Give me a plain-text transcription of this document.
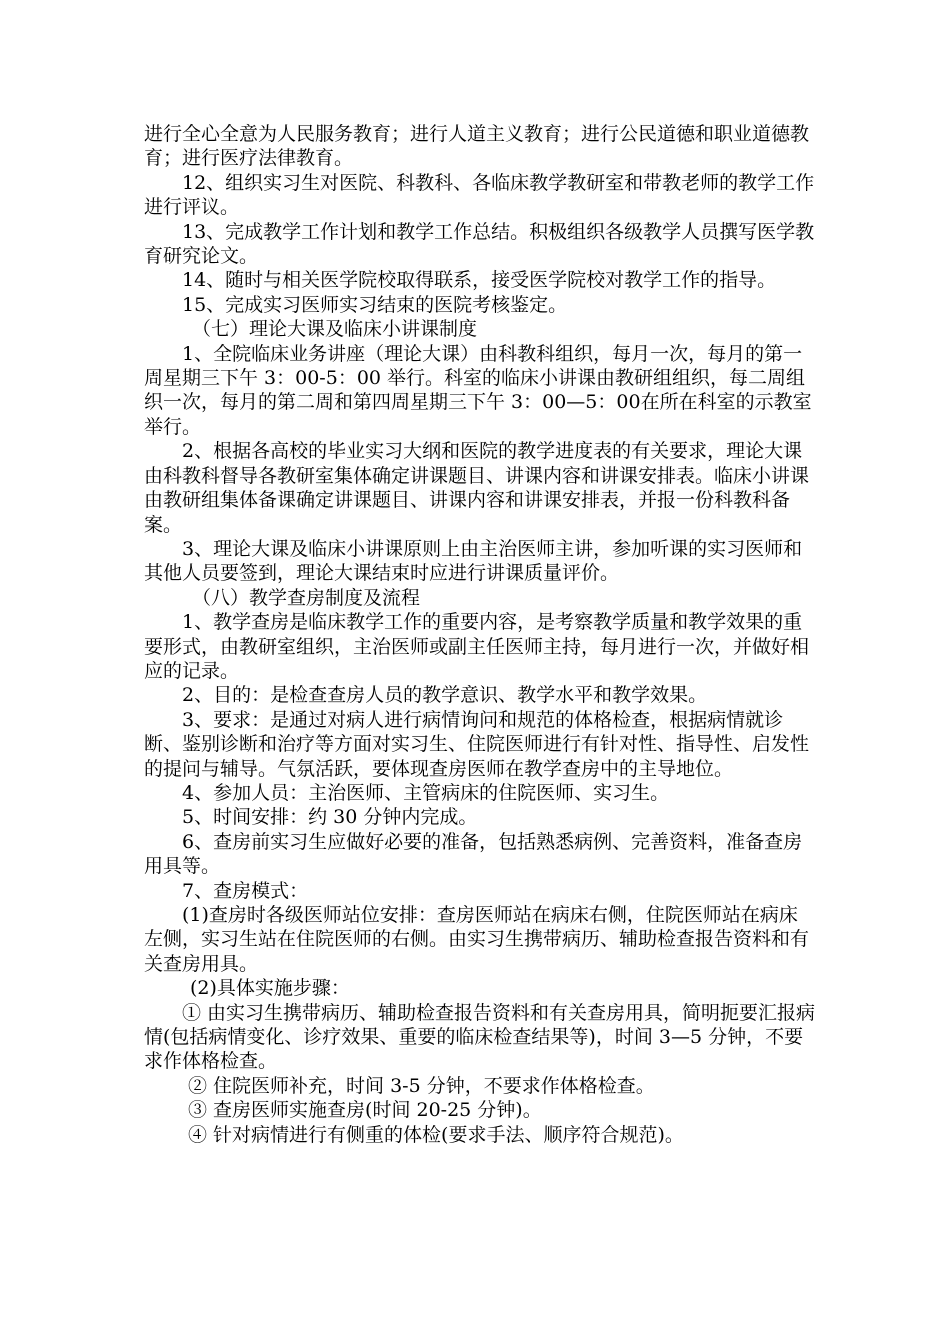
进行全心全意为人民服务教育；进行人道主义教育；进行公民道德和职业道德教育；进行医疗法律教育。

12、组织实习生对医院、科教科、各临床教学教研室和带教老师的教学工作进行评议。

13、完成教学工作计划和教学工作总结。积极组织各级教学人员撰写医学教育研究论文。

14、随时与相关医学院校取得联系，接受医学院校对教学工作的指导。

15、完成实习医师实习结束的医院考核鉴定。

（七）理论大课及临床小讲课制度

1、全院临床业务讲座（理论大课）由科教科组织，每月一次，每月的第一周星期三下午 3：00-5：00 举行。科室的临床小讲课由教研组组织，每二周组织一次，每月的第二周和第四周星期三下午 3：00—5：00在所在科室的示教室举行。

2、根据各高校的毕业实习大纲和医院的教学进度表的有关要求，理论大课由科教科督导各教研室集体确定讲课题目、讲课内容和讲课安排表。临床小讲课由教研组集体备课确定讲课题目、讲课内容和讲课安排表，并报一份科教科备案。

3、理论大课及临床小讲课原则上由主治医师主讲，参加听课的实习医师和其他人员要签到，理论大课结束时应进行讲课质量评价。

（八）教学查房制度及流程

1、教学查房是临床教学工作的重要内容，是考察教学质量和教学效果的重要形式，由教研室组织，主治医师或副主任医师主持，每月进行一次，并做好相应的记录。

2、目的：是检查查房人员的教学意识、教学水平和教学效果。

3、要求：是通过对病人进行病情询问和规范的体格检查，根据病情就诊断、鉴别诊断和治疗等方面对实习生、住院医师进行有针对性、指导性、启发性的提问与辅导。气氛活跃，要体现查房医师在教学查房中的主导地位。

4、参加人员：主治医师、主管病床的住院医师、实习生。

5、时间安排：约 30 分钟内完成。

6、查房前实习生应做好必要的准备，包括熟悉病例、完善资料，准备查房用具等。

7、查房模式：

(1)查房时各级医师站位安排：查房医师站在病床右侧，住院医师站在病床左侧，实习生站在住院医师的右侧。由实习生携带病历、辅助检查报告资料和有关查房用具。

(2)具体实施步骤：

① 由实习生携带病历、辅助检查报告资料和有关查房用具，简明扼要汇报病情(包括病情变化、诊疗效果、重要的临床检查结果等)，时间 3—5 分钟，不要求作体格检查。

② 住院医师补充，时间 3-5 分钟，不要求作体格检查。

③ 查房医师实施查房(时间 20-25 分钟)。

④ 针对病情进行有侧重的体检(要求手法、顺序符合规范)。
